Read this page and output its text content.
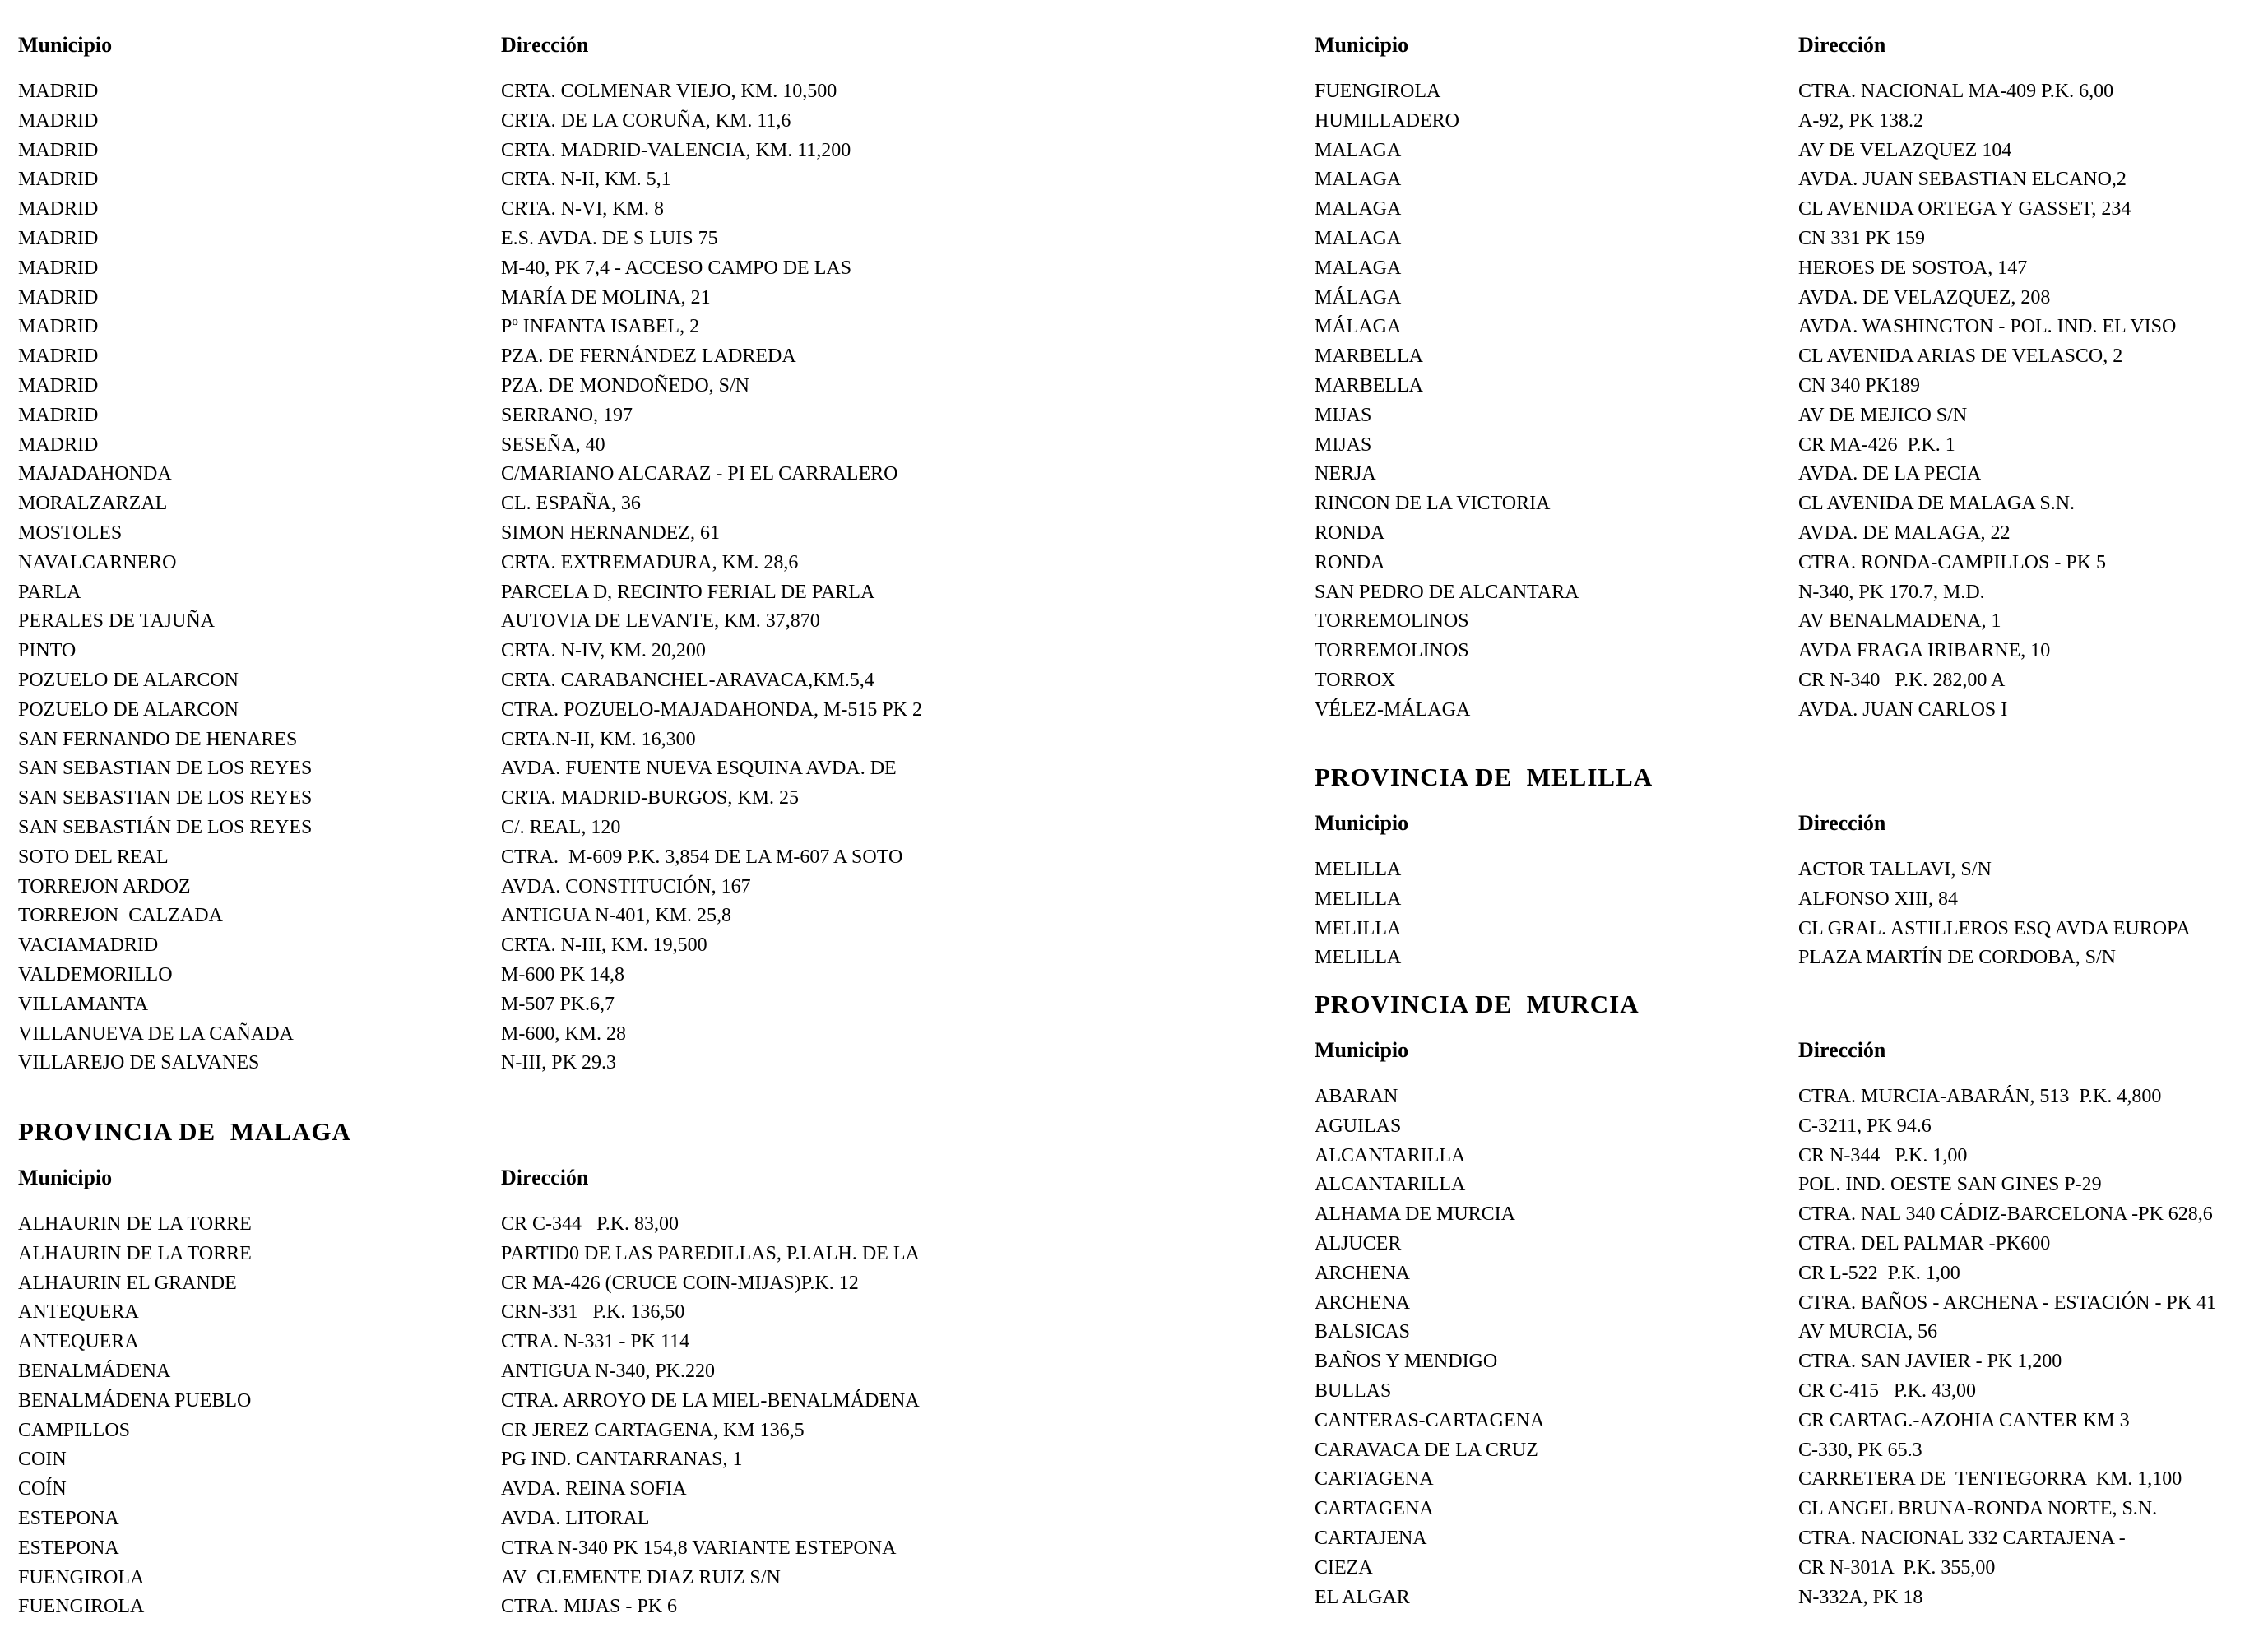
Municipio	Dirección
MADRID	CRTA. COLMENAR VIEJO, KM. 10,500
MADRID	CRTA. DE LA CORUÑA, KM. 11,6
MADRID	CRTA. MADRID-VALENCIA, KM. 11,200
MADRID	CRTA. N-II, KM. 5,1
MADRID	CRTA. N-VI, KM. 8
MADRID	E.S. AVDA. DE S LUIS 75
MADRID	M-40, PK 7,4 - ACCESO CAMPO DE LAS
MADRID	MARÍA DE MOLINA, 21
MADRID	Pº INFANTA ISABEL, 2
MADRID	PZA. DE FERNÁNDEZ LADREDA
MADRID	PZA. DE MONDOÑEDO, S/N
MADRID	SERRANO, 197
MADRID	SESEÑA, 40
MAJADAHONDA	C/MARIANO ALCARAZ - PI EL CARRALERO
MORALZARZAL	CL. ESPAÑA, 36
MOSTOLES	SIMON HERNANDEZ, 61
NAVALCARNERO	CRTA. EXTREMADURA, KM. 28,6
PARLA	PARCELA D, RECINTO FERIAL DE PARLA
PERALES DE TAJUÑA	AUTOVIA DE LEVANTE, KM. 37,870
PINTO	CRTA. N-IV, KM. 20,200
POZUELO DE ALARCON	CRTA. CARABANCHEL-ARAVACA,KM.5,4
POZUELO DE ALARCON	CTRA. POZUELO-MAJADAHONDA, M-515 PK 2
SAN FERNANDO DE HENARES	CRTA.N-II, KM. 16,300
SAN SEBASTIAN DE LOS REYES	AVDA. FUENTE NUEVA ESQUINA AVDA. DE
SAN SEBASTIAN DE LOS REYES	CRTA. MADRID-BURGOS, KM. 25
SAN SEBASTIÁN DE LOS REYES	C/. REAL, 120
SOTO DEL REAL	CTRA.  M-609 P.K. 3,854 DE LA M-607 A SOTO
TORREJON ARDOZ	AVDA. CONSTITUCIÓN, 167
TORREJON  CALZADA	ANTIGUA N-401, KM. 25,8
VACIAMADRID	CRTA. N-III, KM. 19,500
VALDEMORILLO	M-600 PK 14,8
VILLAMANTA	M-507 PK.6,7
VILLANUEVA DE LA CAÑADA	M-600, KM. 28
VILLAREJO DE SALVANES	N-III, PK 29.3
PROVINCIA DE  MALAGA
Municipio	Dirección
ALHAURIN DE LA TORRE	CR C-344   P.K. 83,00
ALHAURIN DE LA TORRE	PARTID0 DE LAS PAREDILLAS, P.I.ALH. DE LA
ALHAURIN EL GRANDE	CR MA-426 (CRUCE COIN-MIJAS)P.K. 12
ANTEQUERA	CRN-331   P.K. 136,50
ANTEQUERA	CTRA. N-331 - PK 114
BENALMÁDENA	ANTIGUA N-340, PK.220
BENALMÁDENA PUEBLO	CTRA. ARROYO DE LA MIEL-BENALMÁDENA
CAMPILLOS	CR JEREZ CARTAGENA, KM 136,5
COIN	PG IND. CANTARRANAS, 1
COÍN	AVDA. REINA SOFIA
ESTEPONA	AVDA. LITORAL
ESTEPONA	CTRA N-340 PK 154,8 VARIANTE ESTEPONA
FUENGIROLA	AV  CLEMENTE DIAZ RUIZ S/N
FUENGIROLA	CTRA. MIJAS - PK 6
Municipio	Dirección
FUENGIROLA	CTRA. NACIONAL MA-409 P.K. 6,00
HUMILLADERO	A-92, PK 138.2
MALAGA	AV DE VELAZQUEZ 104
MALAGA	AVDA. JUAN SEBASTIAN ELCANO,2
MALAGA	CL AVENIDA ORTEGA Y GASSET, 234
MALAGA	CN 331 PK 159
MALAGA	HEROES DE SOSTOA, 147
MÁLAGA	AVDA. DE VELAZQUEZ, 208
MÁLAGA	AVDA. WASHINGTON - POL. IND. EL VISO
MARBELLA	CL AVENIDA ARIAS DE VELASCO, 2
MARBELLA	CN 340 PK189
MIJAS	AV DE MEJICO S/N
MIJAS	CR MA-426  P.K. 1
NERJA	AVDA. DE LA PECIA
RINCON DE LA VICTORIA	CL AVENIDA DE MALAGA S.N.
RONDA	AVDA. DE MALAGA, 22
RONDA	CTRA. RONDA-CAMPILLOS - PK 5
SAN PEDRO DE ALCANTARA	N-340, PK 170.7, M.D.
TORREMOLINOS	AV BENALMADENA, 1
TORREMOLINOS	AVDA FRAGA IRIBARNE, 10
TORROX	CR N-340   P.K. 282,00 A
VÉLEZ-MÁLAGA	AVDA. JUAN CARLOS I
PROVINCIA DE  MELILLA
Municipio	Dirección
MELILLA	ACTOR TALLAVI, S/N
MELILLA	ALFONSO XIII, 84
MELILLA	CL GRAL. ASTILLEROS ESQ AVDA EUROPA
MELILLA	PLAZA MARTÍN DE CORDOBA, S/N
PROVINCIA DE  MURCIA
Municipio	Dirección
ABARAN	CTRA. MURCIA-ABARÁN, 513  P.K. 4,800
AGUILAS	C-3211, PK 94.6
ALCANTARILLA	CR N-344   P.K. 1,00
ALCANTARILLA	POL. IND. OESTE SAN GINES P-29
ALHAMA DE MURCIA	CTRA. NAL 340 CÁDIZ-BARCELONA -PK 628,6
ALJUCER	CTRA. DEL PALMAR -PK600
ARCHENA	CR L-522  P.K. 1,00
ARCHENA	CTRA. BAÑOS - ARCHENA - ESTACIÓN - PK 41
BALSICAS	AV MURCIA, 56
BAÑOS Y MENDIGO	CTRA. SAN JAVIER - PK 1,200
BULLAS	CR C-415   P.K. 43,00
CANTERAS-CARTAGENA	CR CARTAG.-AZOHIA CANTER KM 3
CARAVACA DE LA CRUZ	C-330, PK 65.3
CARTAGENA	CARRETERA DE  TENTEGORRA  KM. 1,100
CARTAGENA	CL ANGEL BRUNA-RONDA NORTE, S.N.
CARTAJENA	CTRA. NACIONAL 332 CARTAJENA -
CIEZA	CR N-301A  P.K. 355,00
EL ALGAR	N-332A, PK 18
